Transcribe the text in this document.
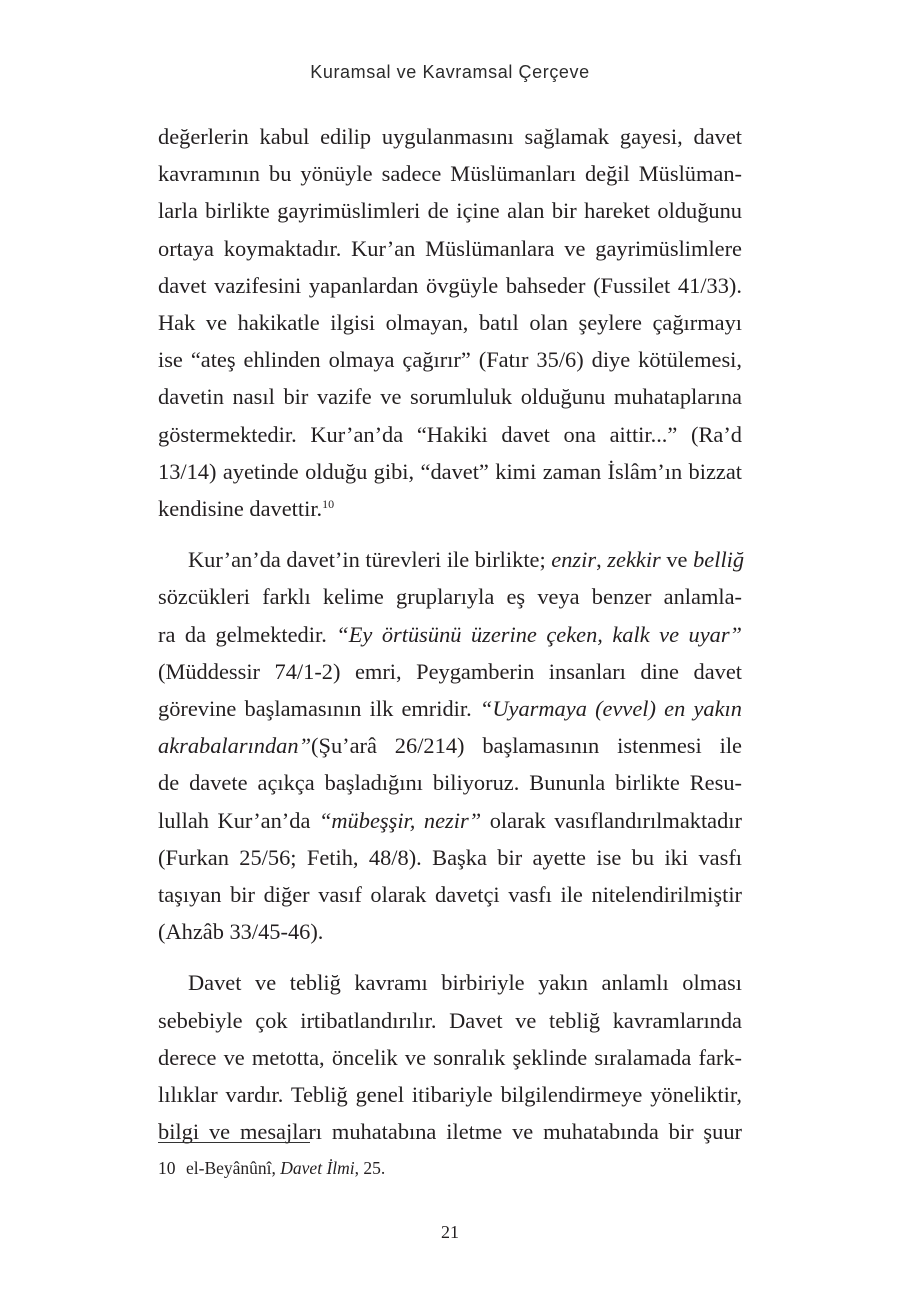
Kuramsal ve Kavramsal Çerçeve

değerlerin kabul edilip uygulanmasını sağlamak gayesi, davet
kavramının bu yönüyle sadece Müslümanları değil Müslüman-
larla birlikte gayrimüslimleri de içine alan bir hareket olduğunu
ortaya koymaktadır. Kur’an Müslümanlara ve gayrimüslimlere
davet vazifesini yapanlardan övgüyle bahseder (Fussilet 41/33).
Hak ve hakikatle ilgisi olmayan, batıl olan şeylere çağırmayı
ise “ateş ehlinden olmaya çağırır” (Fatır 35/6) diye kötülemesi,
davetin nasıl bir vazife ve sorumluluk olduğunu muhataplarına
göstermektedir. Kur’an’da “Hakiki davet ona aittir...” (Ra’d
13/14) ayetinde olduğu gibi, “davet” kimi zaman İslâm’ın bizzat
kendisine davettir.$^{10}$

Kur’an’da davet’in türevleri ile birlikte; enzir, zekkir ve belliğ
sözcükleri farklı kelime gruplarıyla eş veya benzer anlamla-
ra da gelmektedir. “Ey örtüsünü üzerine çeken, kalk ve uyar”
(Müddessir 74/1-2) emri, Peygamberin insanları dine davet
görevine başlamasının ilk emridir. “Uyarmaya (evvel) en yakın
akrabalarından”(Şu’arâ 26/214) başlamasının istenmesi ile
de davete açıkça başladığını biliyoruz. Bununla birlikte Resu-
lullah Kur’an’da “mübeşşir, nezir” olarak vasıflandırılmaktadır
(Furkan 25/56; Fetih, 48/8). Başka bir ayette ise bu iki vasfı
taşıyan bir diğer vasıf olarak davetçi vasfı ile nitelendirilmiştir
(Ahzâb 33/45-46).

Davet ve tebliğ kavramı birbiriyle yakın anlamlı olması
sebebiyle çok irtibatlandırılır. Davet ve tebliğ kavramlarında
derece ve metotta, öncelik ve sonralık şeklinde sıralamada fark-
lılıklar vardır. Tebliğ genel itibariyle bilgilendirmeye yöneliktir,
bilgi ve mesajları muhatabına iletme ve muhatabında bir şuur

10 el-Beyânûnî, Davet İlmi, 25.
21
